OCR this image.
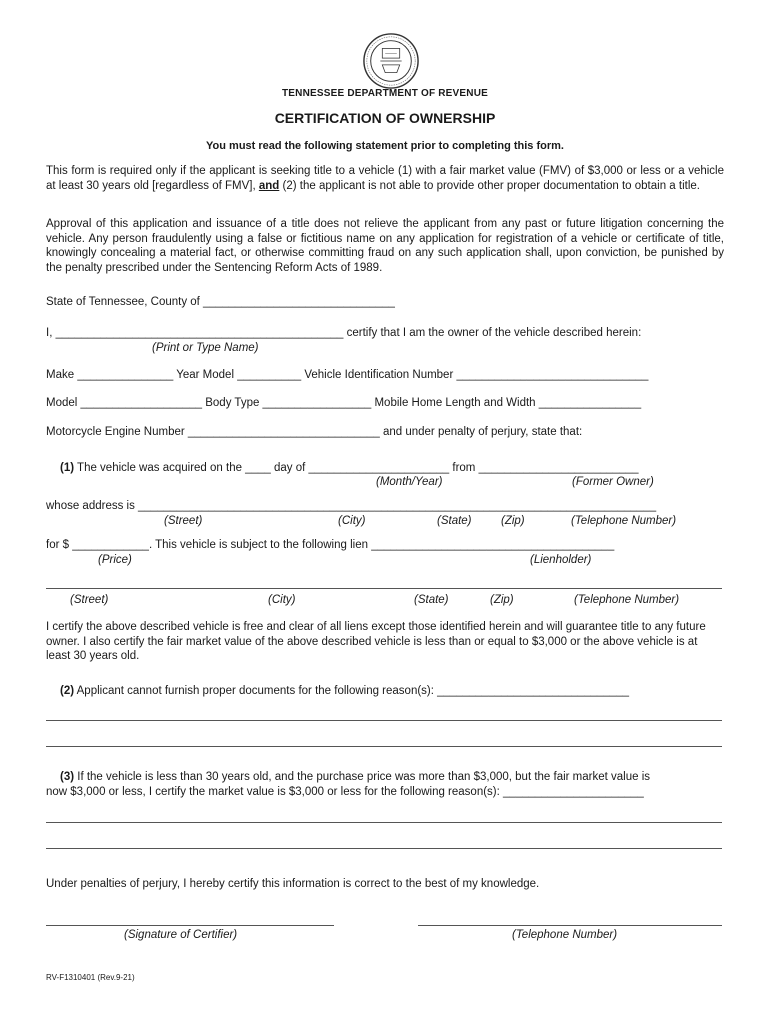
TENNESSEE DEPARTMENT OF REVENUE
CERTIFICATION OF OWNERSHIP
You must read the following statement prior to completing this form.
This form is required only if the applicant is seeking title to a vehicle (1) with a fair market value (FMV) of $3,000 or less or a vehicle at least 30 years old [regardless of FMV], and (2) the applicant is not able to provide other proper documentation to obtain a title.
Approval of this application and issuance of a title does not relieve the applicant from any past or future litigation concerning the vehicle. Any person fraudulently using a false or fictitious name on any application for registration of a vehicle or certificate of title, knowingly concealing a material fact, or otherwise committing fraud on any such application shall, upon conviction, be punished by the penalty prescribed under the Sentencing Reform Acts of 1989.
State of Tennessee, County of ______________________________
I, _____________________________________________ certify that I am the owner of the vehicle described herein:
(Print or Type Name)
Make _______________ Year Model __________ Vehicle Identification Number ______________________________
Model ___________________ Body Type _________________ Mobile Home Length and Width ________________
Motorcycle Engine Number ______________________________ and under penalty of perjury, state that:
(1) The vehicle was acquired on the ____ day of ______________________ from _________________________
(Month/Year)	(Former Owner)
whose address is _________________________________________________________________________________
(Street)	(City)	(State)	(Zip)	(Telephone Number)
for $ ____________. This vehicle is subject to the following lien ______________________________________
(Price)	(Lienholder)
(Street)	(City)	(State)	(Zip)	(Telephone Number)
I certify the above described vehicle is free and clear of all liens except those identified herein and will guarantee title to any future owner. I also certify the fair market value of the above described vehicle is less than or equal to $3,000 or the above vehicle is at least 30 years old.
(2) Applicant cannot furnish proper documents for the following reason(s): ______________________________
(3) If the vehicle is less than 30 years old, and the purchase price was more than $3,000, but the fair market value is
now $3,000 or less, I certify the market value is $3,000 or less for the following reason(s): ______________________
Under penalties of perjury, I hereby certify this information is correct to the best of my knowledge.
(Signature of Certifier)	(Telephone Number)
RV-F1310401 (Rev.9-21)
